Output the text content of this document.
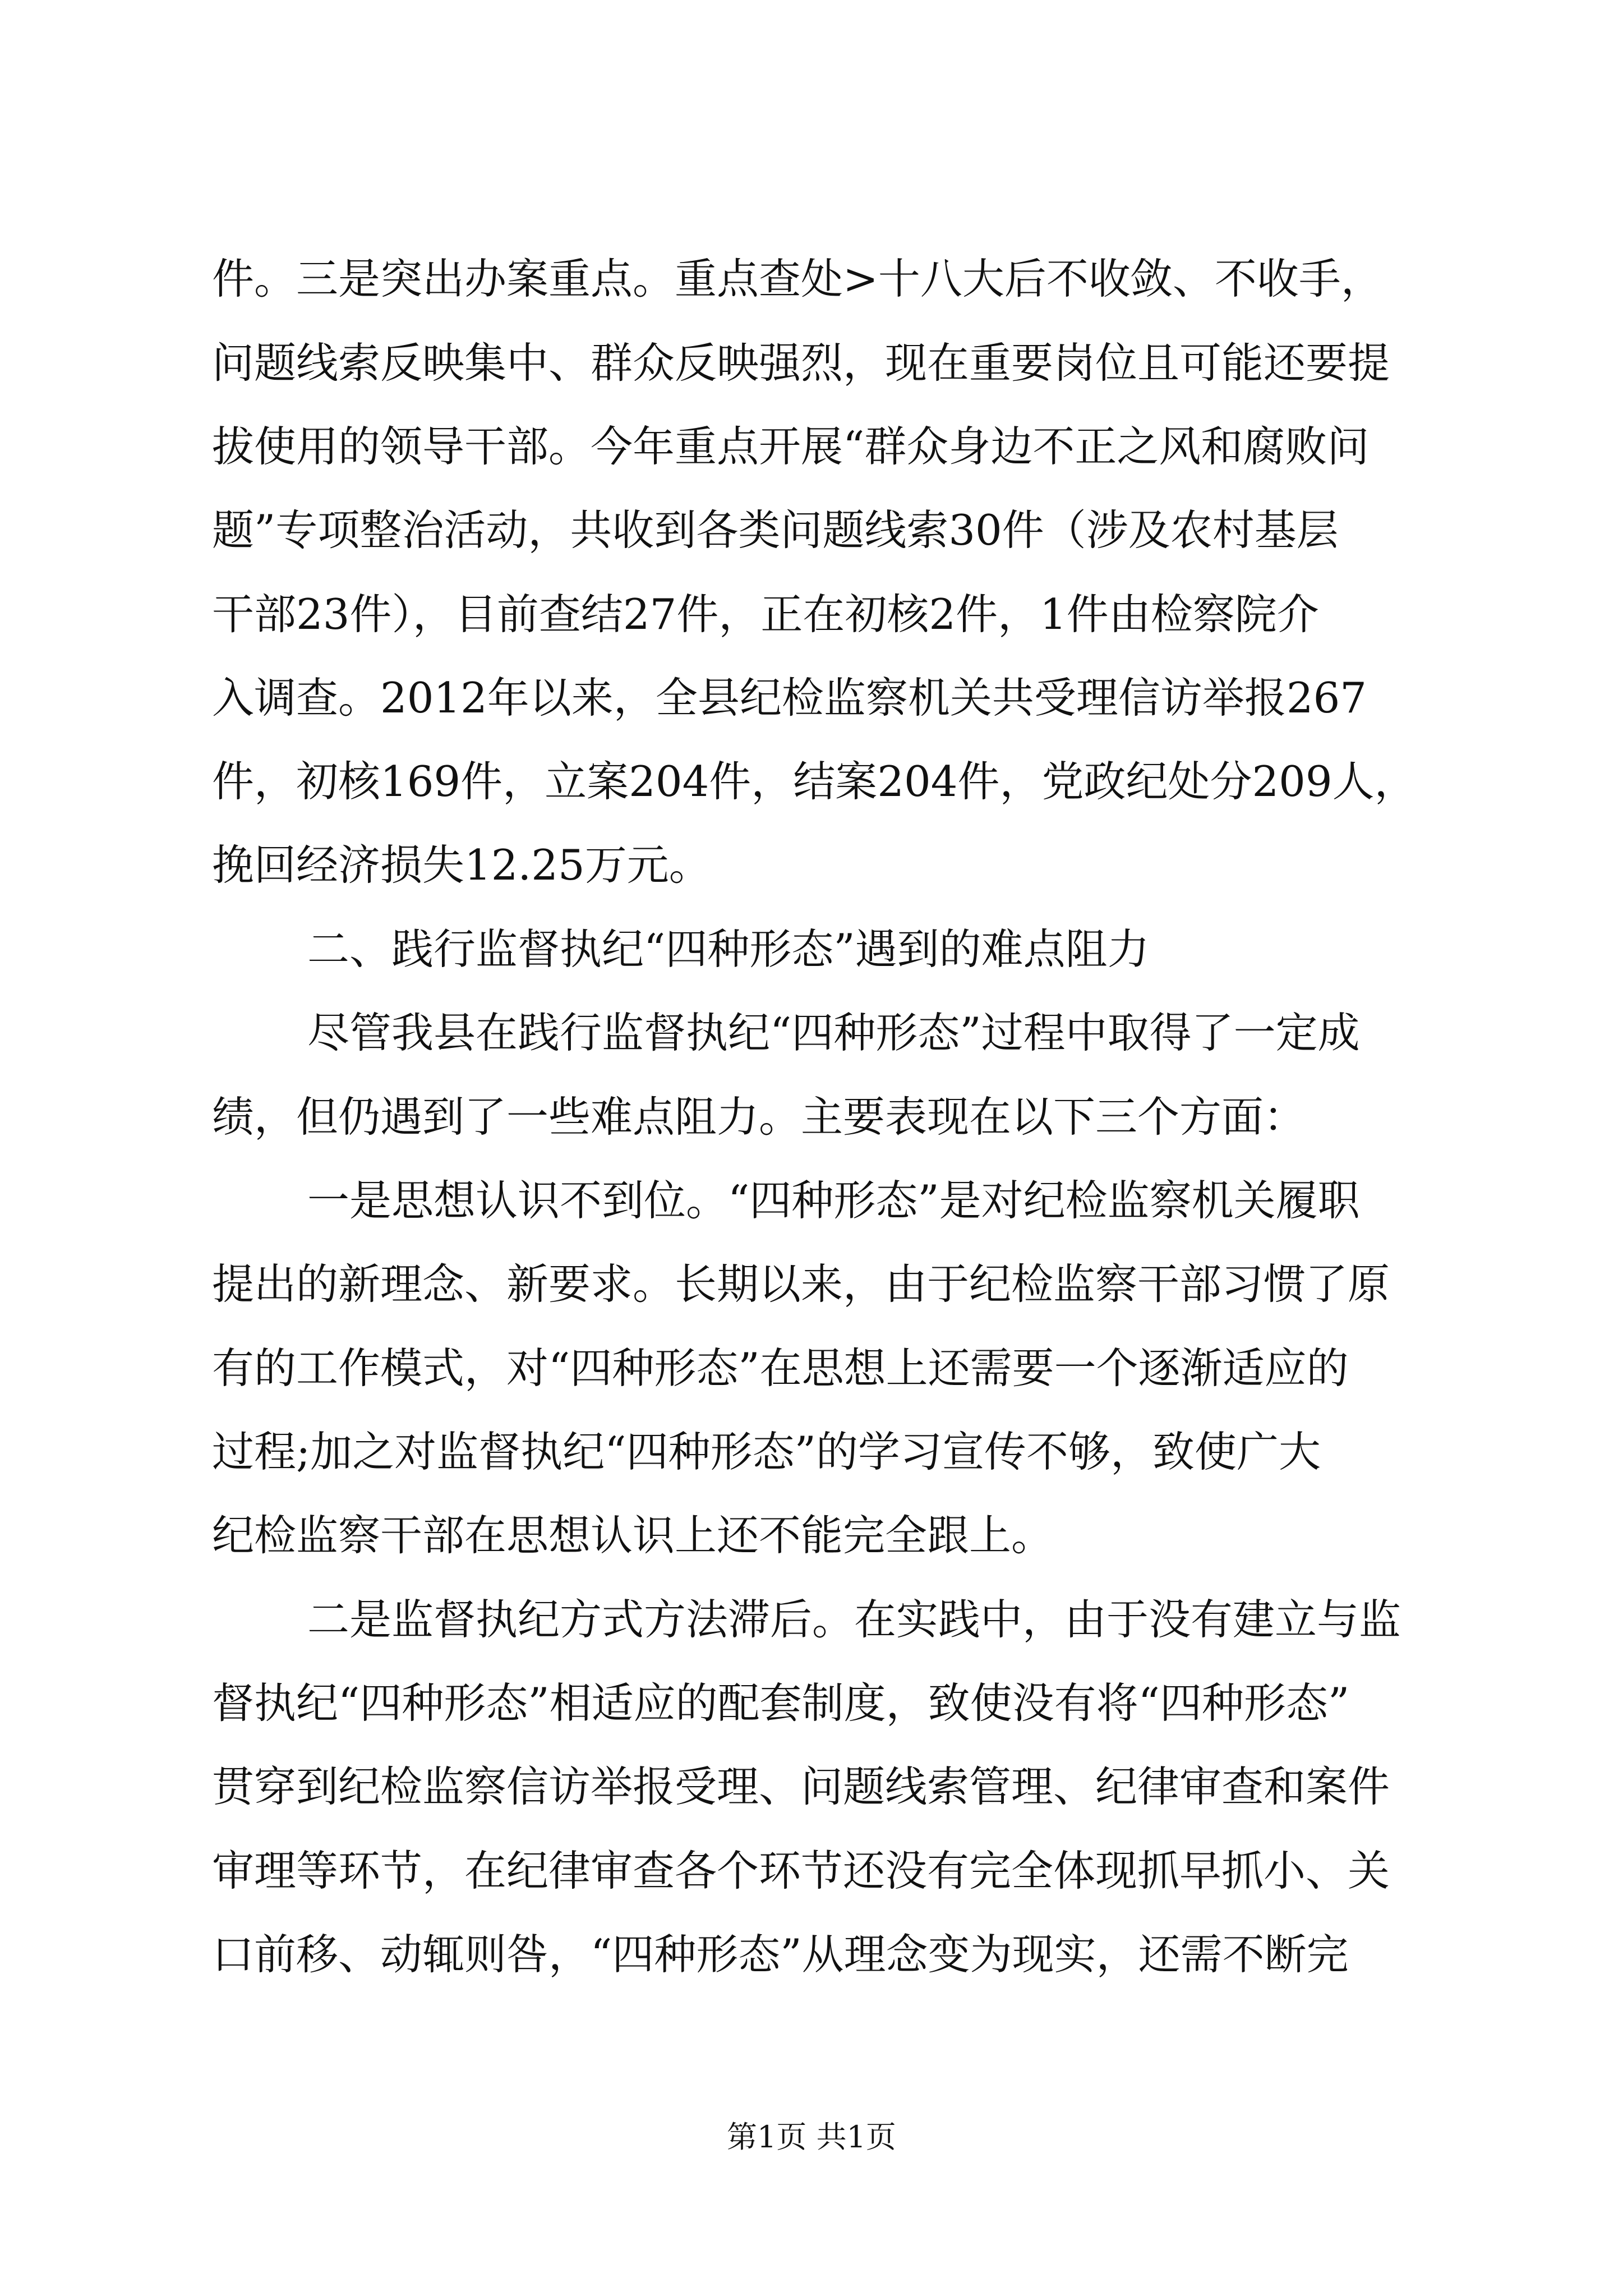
件。三是突出办案重点。重点查处>十八大后不收敛、不收手，

问题线索反映集中、群众反映强烈，现在重要岗位且可能还要提

拔使用的领导干部。今年重点开展“群众身边不正之风和腐败问

题”专项整治活动，共收到各类问题线索30件（涉及农村基层

干部23件），目前查结27件，正在初核2件，1件由检察院介

入调查。2012年以来，全县纪检监察机关共受理信访举报267

件，初核169件，立案204件，结案204件，党政纪处分209人，

挽回经济损失12.25万元。

二、践行监督执纪“四种形态”遇到的难点阻力

尽管我县在践行监督执纪“四种形态”过程中取得了一定成

绩，但仍遇到了一些难点阻力。主要表现在以下三个方面：

一是思想认识不到位。“四种形态”是对纪检监察机关履职

提出的新理念、新要求。长期以来，由于纪检监察干部习惯了原

有的工作模式，对“四种形态”在思想上还需要一个逐渐适应的

过程;加之对监督执纪“四种形态”的学习宣传不够，致使广大

纪检监察干部在思想认识上还不能完全跟上。

二是监督执纪方式方法滞后。在实践中，由于没有建立与监

督执纪“四种形态”相适应的配套制度，致使没有将“四种形态”

贯穿到纪检监察信访举报受理、问题线索管理、纪律审查和案件

审理等环节，在纪律审查各个环节还没有完全体现抓早抓小、关

口前移、动辄则咎，“四种形态”从理念变为现实，还需不断完

第1页 共1页
